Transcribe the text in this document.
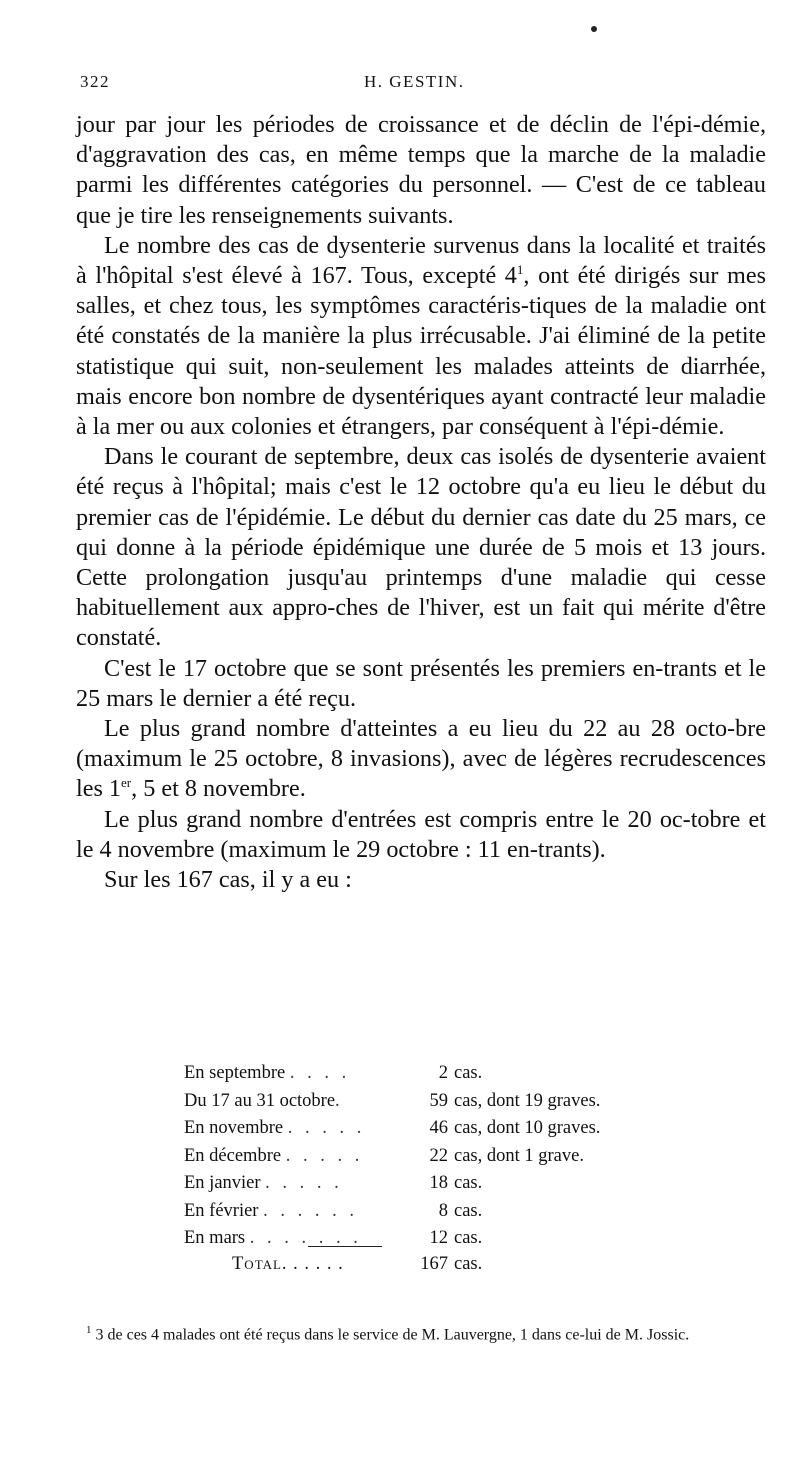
322	H. GESTIN.

jour par jour les périodes de croissance et de déclin de l'épi-démie, d'aggravation des cas, en même temps que la marche de la maladie parmi les différentes catégories du personnel. — C'est de ce tableau que je tire les renseignements suivants.

Le nombre des cas de dysenterie survenus dans la localité et traités à l'hôpital s'est élevé à 167. Tous, excepté $4^1$, ont été dirigés sur mes salles, et chez tous, les symptômes caractéris-tiques de la maladie ont été constatés de la manière la plus irrécusable. J'ai éliminé de la petite statistique qui suit, non-seulement les malades atteints de diarrhée, mais encore bon nombre de dysentériques ayant contracté leur maladie à la mer ou aux colonies et étrangers, par conséquent à l'épi-démie.

Dans le courant de septembre, deux cas isolés de dysenterie avaient été reçus à l'hôpital; mais c'est le 12 octobre qu'a eu lieu le début du premier cas de l'épidémie. Le début du dernier cas date du 25 mars, ce qui donne à la période épidémique une durée de 5 mois et 13 jours. Cette prolongation jusqu'au printemps d'une maladie qui cesse habituellement aux appro-ches de l'hiver, est un fait qui mérite d'être constaté.

C'est le 17 octobre que se sont présentés les premiers en-trants et le 25 mars le dernier a été reçu.

Le plus grand nombre d'atteintes a eu lieu du 22 au 28 octo-bre (maximum le 25 octobre, 8 invasions), avec de légères recrudescences les 1er, 5 et 8 novembre.

Le plus grand nombre d'entrées est compris entre le 20 oc-tobre et le 4 novembre (maximum le 29 octobre : 11 en-trants).

Sur les 167 cas, il y a eu :

En septembre . . . .	2 cas.
Du 17 au 31 octobre.	59 cas, dont 19 graves.
En novembre . . . . .	46 cas, dont 10 graves.
En décembre . . . . .	22 cas, dont 1 grave.
En janvier . . . . .	18 cas.
En février . . . . . .	8 cas.
En mars . . . . . . .	12 cas.
Total. . . . . .	167 cas.
$^1$ 3 de ces 4 malades ont été reçus dans le service de M. Lauvergne, 1 dans ce-lui de M. Jossic.
